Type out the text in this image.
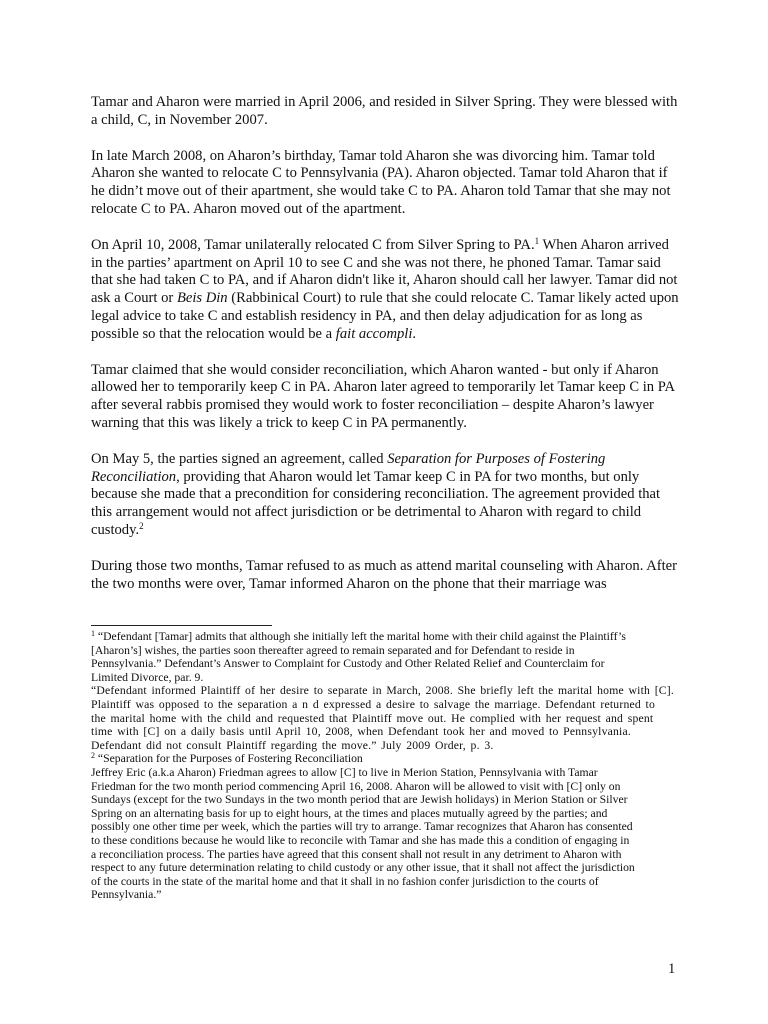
Tamar and Aharon were married in April 2006, and resided in Silver Spring. They were blessed with a child, C, in November 2007.

In late March 2008, on Aharon’s birthday, Tamar told Aharon she was divorcing him. Tamar told Aharon she wanted to relocate C to Pennsylvania (PA). Aharon objected. Tamar told Aharon that if he didn’t move out of their apartment, she would take C to PA. Aharon told Tamar that she may not relocate C to PA. Aharon moved out of the apartment.

On April 10, 2008, Tamar unilaterally relocated C from Silver Spring to PA.$^1$ When Aharon arrived in the parties’ apartment on April 10 to see C and she was not there, he phoned Tamar. Tamar said that she had taken C to PA, and if Aharon didn't like it, Aharon should call her lawyer. Tamar did not ask a Court or Beis Din (Rabbinical Court) to rule that she could relocate C. Tamar likely acted upon legal advice to take C and establish residency in PA, and then delay adjudication for as long as possible so that the relocation would be a fait accompli.

Tamar claimed that she would consider reconciliation, which Aharon wanted - but only if Aharon allowed her to temporarily keep C in PA. Aharon later agreed to temporarily let Tamar keep C in PA after several rabbis promised they would work to foster reconciliation – despite Aharon’s lawyer warning that this was likely a trick to keep C in PA permanently.

On May 5, the parties signed an agreement, called Separation for Purposes of Fostering Reconciliation, providing that Aharon would let Tamar keep C in PA for two months, but only because she made that a precondition for considering reconciliation. The agreement provided that this arrangement would not affect jurisdiction or be detrimental to Aharon with regard to child custody.$^2$

During those two months, Tamar refused to as much as attend marital counseling with Aharon. After the two months were over, Tamar informed Aharon on the phone that their marriage was

$^1$ “Defendant [Tamar] admits that although she initially left the marital home with their child against the Plaintiff’s

[Aharon’s] wishes, the parties soon thereafter agreed to remain separated and for Defendant to reside in

Pennsylvania.” Defendant’s Answer to Complaint for Custody and Other Related Relief and Counterclaim for

Limited Divorce, par. 9.

“Defendant informed Plaintiff of her desire to separate in March, 2008. She briefly left the marital home with [C].

Plaintiff was opposed to the separation a n d expressed a desire to salvage the marriage. Defendant returned to

the marital home with the child and requested that Plaintiff move out. He complied with her request and spent

time with [C] on a daily basis until April 10, 2008, when Defendant took her and moved to Pennsylvania.

Defendant did not consult Plaintiff regarding the move.” July 2009 Order, p. 3.

$^2$ “Separation for the Purposes of Fostering Reconciliation

Jeffrey Eric (a.k.a Aharon) Friedman agrees to allow [C] to live in Merion Station, Pennsylvania with Tamar

Friedman for the two month period commencing April 16, 2008. Aharon will be allowed to visit with [C] only on

Sundays (except for the two Sundays in the two month period that are Jewish holidays) in Merion Station or Silver

Spring on an alternating basis for up to eight hours, at the times and places mutually agreed by the parties; and

possibly one other time per week, which the parties will try to arrange. Tamar recognizes that Aharon has consented

to these conditions because he would like to reconcile with Tamar and she has made this a condition of engaging in

a reconciliation process. The parties have agreed that this consent shall not result in any detriment to Aharon with

respect to any future determination relating to child custody or any other issue, that it shall not affect the jurisdiction

of the courts in the state of the marital home and that it shall in no fashion confer jurisdiction to the courts of

Pennsylvania.”

1
